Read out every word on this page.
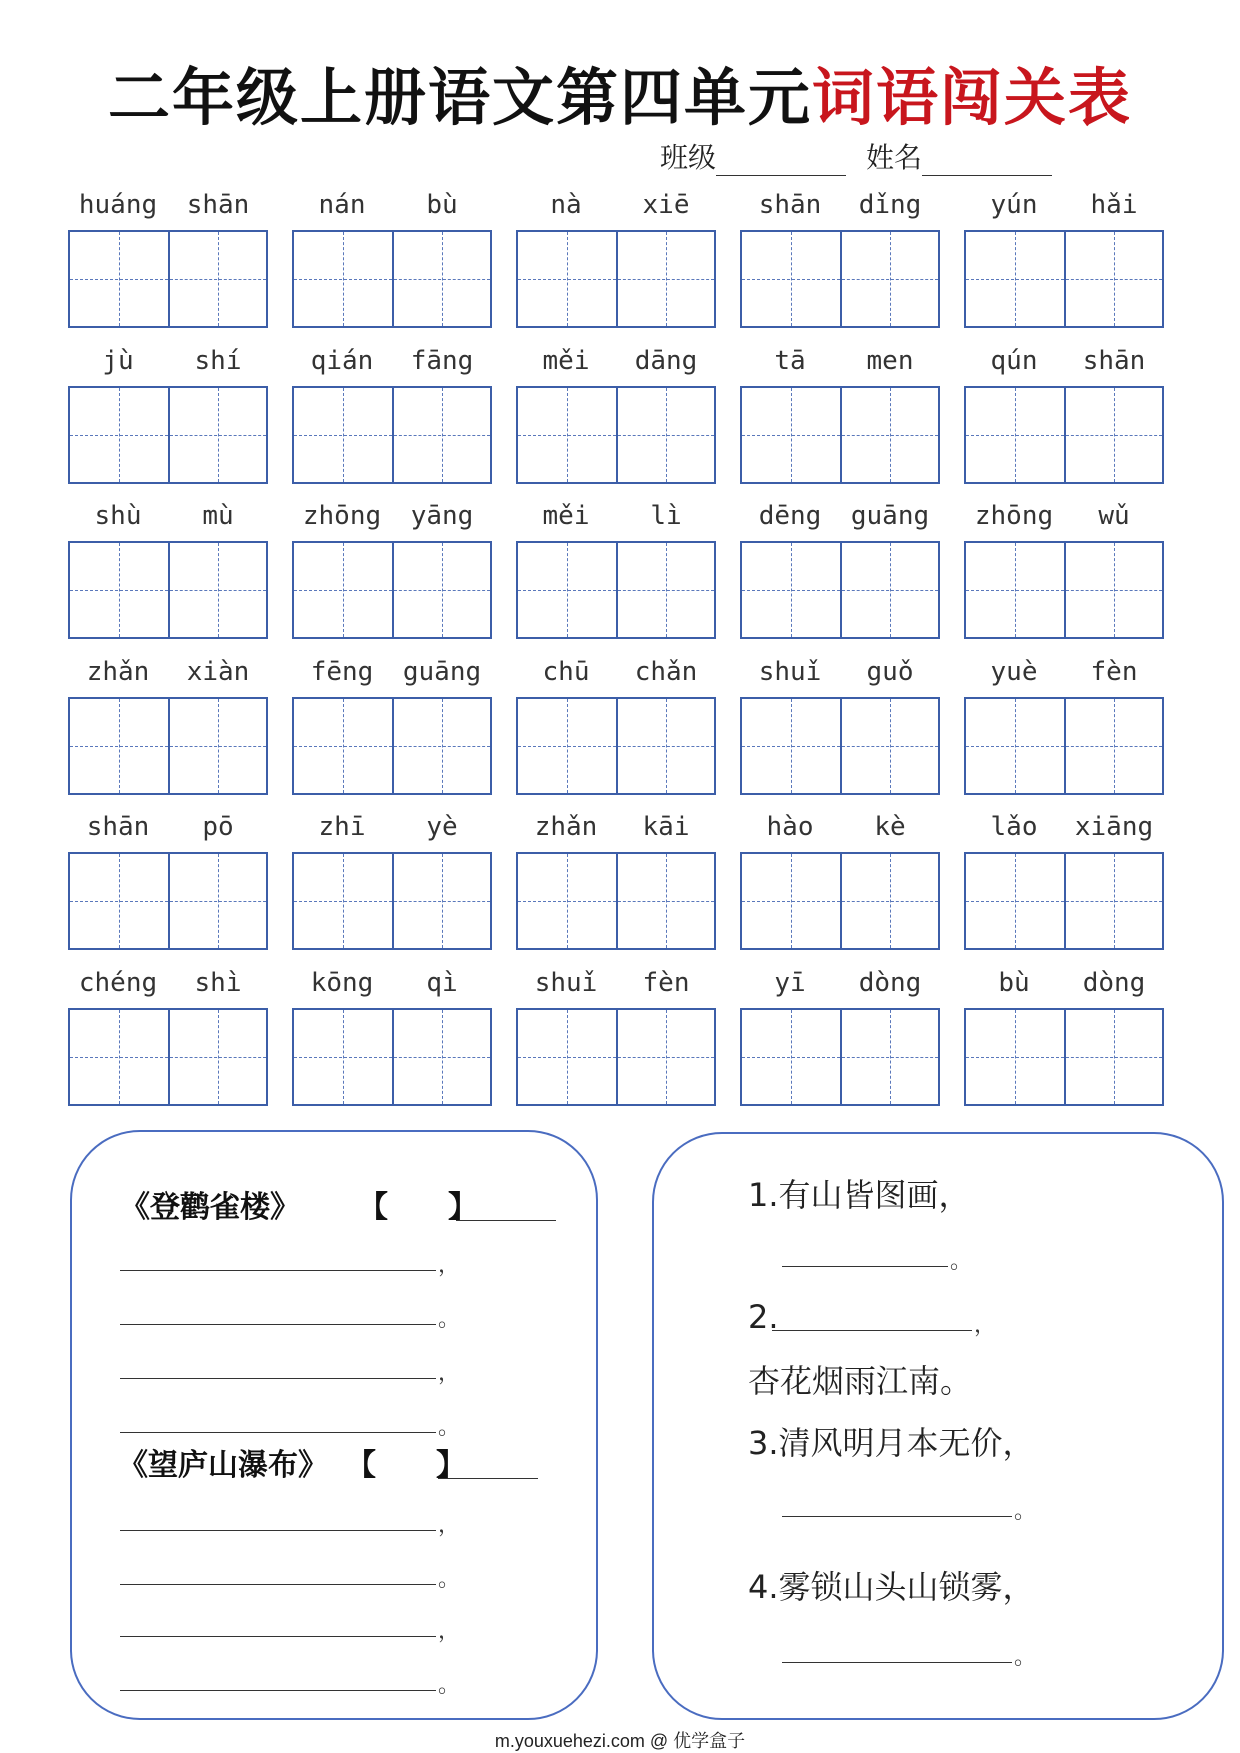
二年级上册语文第四单元词语闯关表
班级	姓名
huáng	shān	nán	bù	nà	xiē	shān	dǐng	yún	hǎi
jù	shí	qián	fāng	měi	dāng	tā	men	qún	shān
shù	mù	zhōng	yāng	měi	lì	dēng	guāng	zhōng	wǔ
zhǎn	xiàn	fēng	guāng	chū	chǎn	shuǐ	guǒ	yuè	fèn
shān	pō	zhī	yè	zhǎn	kāi	hào	kè	lǎo	xiāng
chéng	shì	kōng	qì	shuǐ	fèn	yī	dòng	bù	dòng
《登鹳雀楼》 【　　】
，
。
，
。
《望庐山瀑布》 【　　】
，
。
，
。
1.有山皆图画，
。
2.	，
杏花烟雨江南。
3.清风明月本无价，
。
4.雾锁山头山锁雾，
。
m.youxuehezi.com @ 优学盒子
